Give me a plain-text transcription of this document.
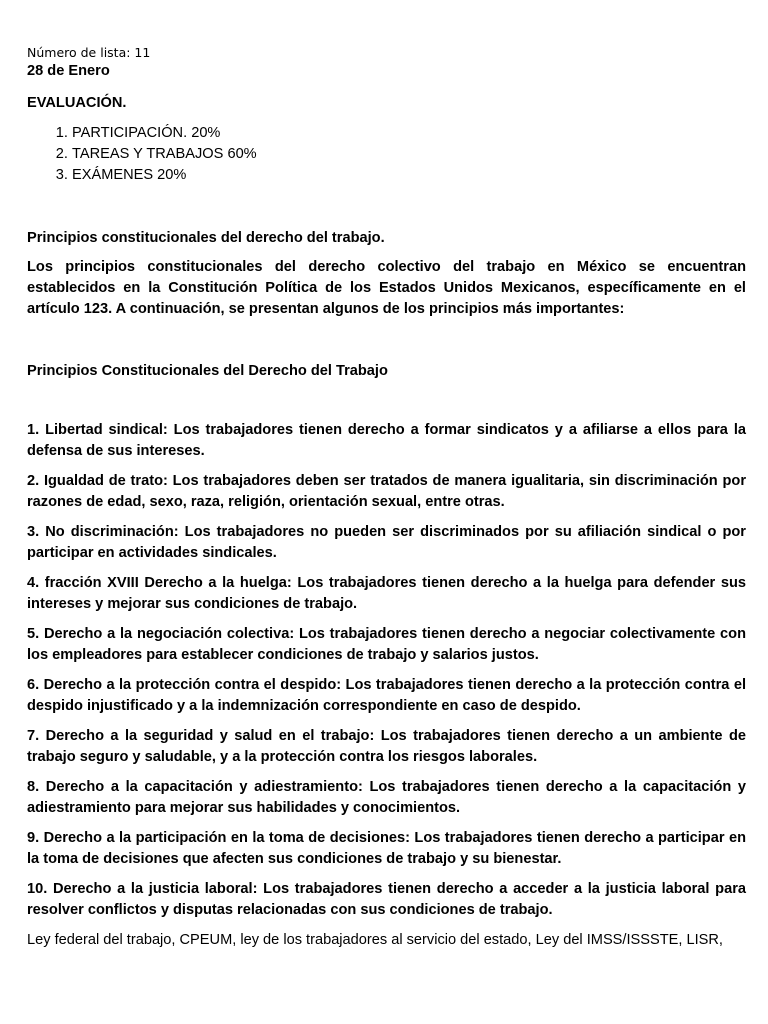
Número de lista: 11

28 de Enero

EVALUACIÓN.

1. PARTICIPACIÓN. 20%
2. TAREAS Y TRABAJOS 60%
3. EXÁMENES 20%

Principios constitucionales del derecho del trabajo.

Los principios constitucionales del derecho colectivo del trabajo en México se encuentran establecidos en la Constitución Política de los Estados Unidos Mexicanos, específicamente en el artículo 123. A continuación, se presentan algunos de los principios más importantes:

Principios Constitucionales del Derecho del Trabajo

1. Libertad sindical: Los trabajadores tienen derecho a formar sindicatos y a afiliarse a ellos para la defensa de sus intereses.

2. Igualdad de trato: Los trabajadores deben ser tratados de manera igualitaria, sin discriminación por razones de edad, sexo, raza, religión, orientación sexual, entre otras.

3. No discriminación: Los trabajadores no pueden ser discriminados por su afiliación sindical o por participar en actividades sindicales.

4. fracción XVIII Derecho a la huelga: Los trabajadores tienen derecho a la huelga para defender sus intereses y mejorar sus condiciones de trabajo.

5. Derecho a la negociación colectiva: Los trabajadores tienen derecho a negociar colectivamente con los empleadores para establecer condiciones de trabajo y salarios justos.

6. Derecho a la protección contra el despido: Los trabajadores tienen derecho a la protección contra el despido injustificado y a la indemnización correspondiente en caso de despido.

7. Derecho a la seguridad y salud en el trabajo: Los trabajadores tienen derecho a un ambiente de trabajo seguro y saludable, y a la protección contra los riesgos laborales.

8. Derecho a la capacitación y adiestramiento: Los trabajadores tienen derecho a la capacitación y adiestramiento para mejorar sus habilidades y conocimientos.

9. Derecho a la participación en la toma de decisiones: Los trabajadores tienen derecho a participar en la toma de decisiones que afecten sus condiciones de trabajo y su bienestar.

10. Derecho a la justicia laboral: Los trabajadores tienen derecho a acceder a la justicia laboral para resolver conflictos y disputas relacionadas con sus condiciones de trabajo.

Ley federal del trabajo, CPEUM, ley de los trabajadores al servicio del estado, Ley del IMSS/ISSSTE, LISR,
